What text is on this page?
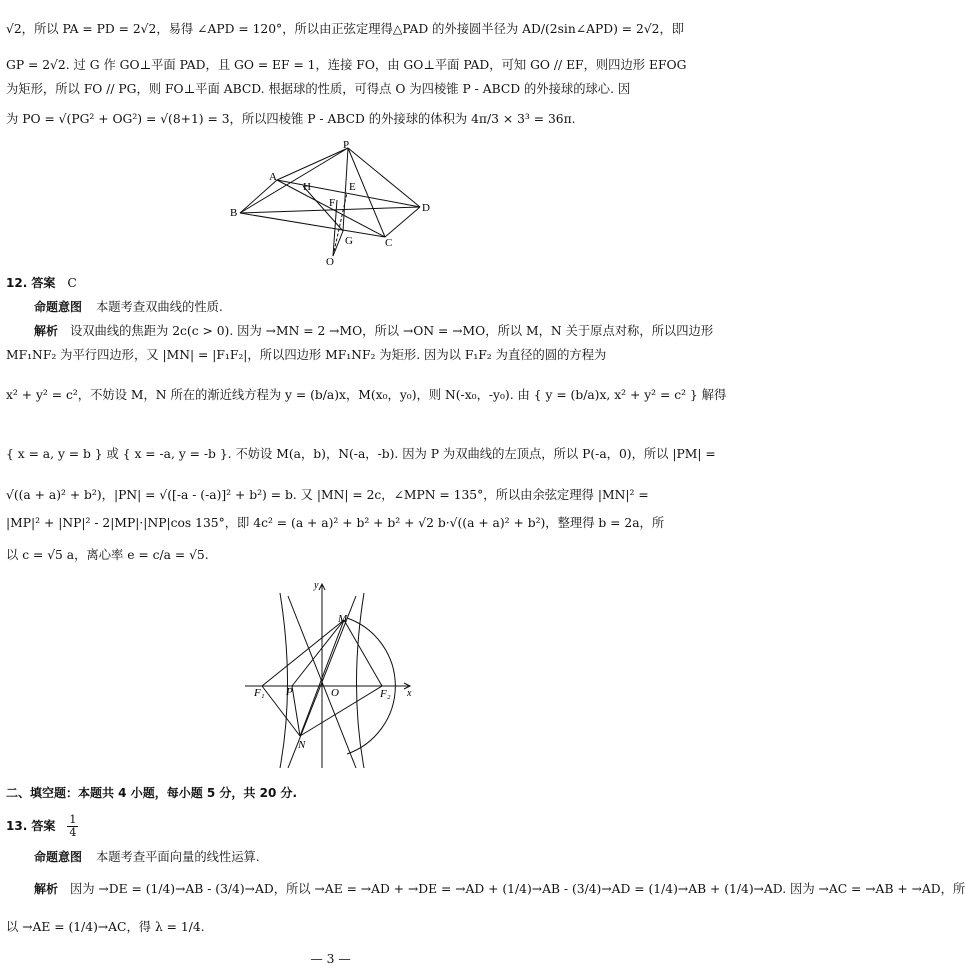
√2，所以 PA = PD = 2√2，易得 ∠APD = 120°，所以由正弦定理得△PAD 的外接圆半径为 AD/(2sin∠APD) = 2√2，即
GP = 2√2. 过 G 作 GO⊥平面 PAD，且 GO = EF = 1，连接 FO，由 GO⊥平面 PAD，可知 GO // EF，则四边形 EFOG
为矩形，所以 FO // PG，则 FO⊥平面 ABCD. 根据球的性质，可得点 O 为四棱锥 P - ABCD 的外接球的球心. 因
为 PO = √(PG² + OG²) = √(8+1) = 3，所以四棱锥 P - ABCD 的外接球的体积为 4π/3 × 3³ = 36π.
P
A
H	E
F
B	D
G	C
O
12. 答案 C
命题意图 本题考查双曲线的性质.
解析 设双曲线的焦距为 2c(c > 0). 因为 →MN = 2 →MO，所以 →ON = →MO，所以 M，N 关于原点对称，所以四边形
MF₁NF₂ 为平行四边形，又 |MN| = |F₁F₂|，所以四边形 MF₁NF₂ 为矩形. 因为以 F₁F₂ 为直径的圆的方程为
x² + y² = c²，不妨设 M，N 所在的渐近线方程为 y = (b/a)x，M(x₀，y₀)，则 N(-x₀，-y₀). 由 { y = (b/a)x, x² + y² = c² } 解得
{ x = a, y = b } 或 { x = -a, y = -b }. 不妨设 M(a，b)，N(-a，-b). 因为 P 为双曲线的左顶点，所以 P(-a，0)，所以 |PM| =
√((a + a)² + b²)，|PN| = √([-a - (-a)]² + b²) = b. 又 |MN| = 2c，∠MPN = 135°，所以由余弦定理得 |MN|² =
|MP|² + |NP|² - 2|MP|·|NP|cos 135°，即 4c² = (a + a)² + b² + b² + √2 b·√((a + a)² + b²)，整理得 b = 2a，所
以 c = √5 a，离心率 e = c/a = √5.
y
M
F₁ P	O	F₂ x
N
二、填空题：本题共 4 小题，每小题 5 分，共 20 分.
13. 答案 $\frac{1}{4}$
命题意图 本题考查平面向量的线性运算.
解析 因为 →DE = (1/4)→AB - (3/4)→AD，所以 →AE = →AD + →DE = →AD + (1/4)→AB - (3/4)→AD = (1/4)→AB + (1/4)→AD. 因为 →AC = →AB + →AD，所
以 →AE = (1/4)→AC，得 λ = 1/4.
— 3 —
